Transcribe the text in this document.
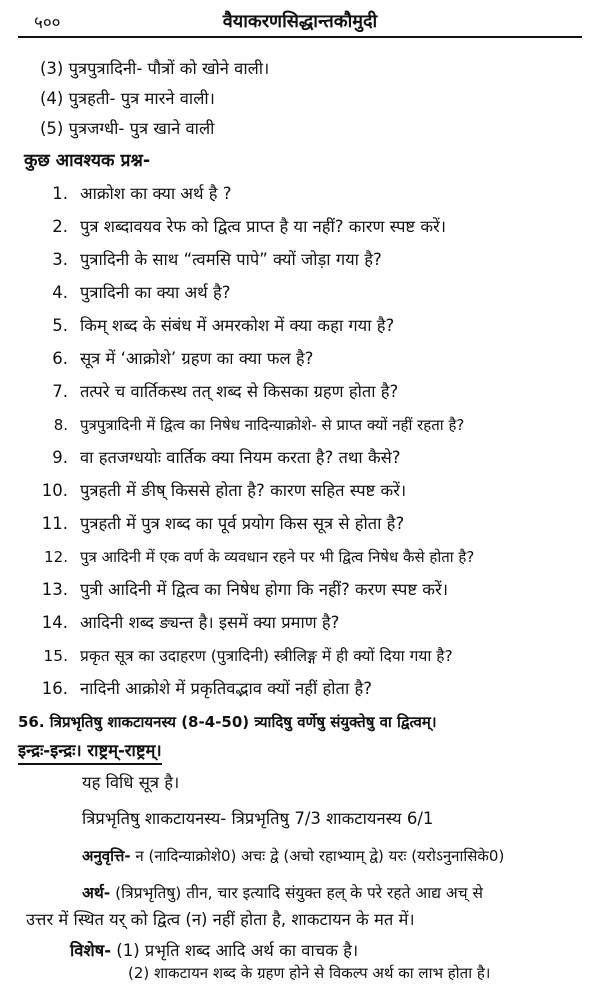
५००	वैयाकरणसिद्धान्तकौमुदी
(3) पुत्रपुत्रादिनी- पौत्रों को खोने वाली।
(4) पुत्रहती- पुत्र मारने वाली।
(5) पुत्रजग्धी- पुत्र खाने वाली
कुछ आवश्यक प्रश्न-
1. आक्रोश का क्या अर्थ है ?
2. पुत्र शब्दावयव रेफ को द्वित्व प्राप्त है या नहीं? कारण स्पष्ट करें।
3. पुत्रादिनी के साथ “त्वमसि पापे” क्यों जोड़ा गया है?
4. पुत्रादिनी का क्या अर्थ है?
5. किम् शब्द के संबंध में अमरकोश में क्या कहा गया है?
6. सूत्र में ‘आक्रोशे’ ग्रहण का क्या फल है?
7. तत्परे च वार्तिकस्थ तत् शब्द से किसका ग्रहण होता है?
8. पुत्रपुत्रादिनी में द्वित्व का निषेध नादिन्याक्रोशे- से प्राप्त क्यों नहीं रहता है?
9. वा हतजग्धयोः वार्तिक क्या नियम करता है? तथा कैसे?
10. पुत्रहती में ङीष् किससे होता है? कारण सहित स्पष्ट करें।
11. पुत्रहती में पुत्र शब्द का पूर्व प्रयोग किस सूत्र से होता है?
12. पुत्र आदिनी में एक वर्ण के व्यवधान रहने पर भी द्वित्व निषेध कैसे होता है?
13. पुत्री आदिनी में द्वित्व का निषेध होगा कि नहीं? करण स्पष्ट करें।
14. आदिनी शब्द ङ्यन्त है। इसमें क्या प्रमाण है?
15. प्रकृत सूत्र का उदाहरण (पुत्रादिनी) स्त्रीलिङ्ग में ही क्यों दिया गया है?
16. नादिनी आक्रोशे में प्रकृतिवद्भाव क्यों नहीं होता है?
56. त्रिप्रभृतिषु शाकटायनस्य (8-4-50) त्र्यादिषु वर्णेषु संयुक्तेषु वा द्वित्वम्।
इन्द्रः-इन्द्रः। राष्ट्रम्-राष्ट्रम्।
यह विधि सूत्र है।
त्रिप्रभृतिषु शाकटायनस्य- त्रिप्रभृतिषु 7/3 शाकटायनस्य 6/1
अनुवृत्ति- न (नादिन्याक्रोशे0) अचः द्वे (अचो रहाभ्याम् द्वे) यरः (यरोऽनुनासिके0)
अर्थ- (त्रिप्रभृतिषु) तीन, चार इत्यादि संयुक्त हल् के परे रहते आद्य अच् से
उत्तर में स्थित यर् को द्वित्व (न) नहीं होता है, शाकटायन के मत में।
विशेष- (1) प्रभृति शब्द आदि अर्थ का वाचक है।
(2) शाकटायन शब्द के ग्रहण होने से विकल्प अर्थ का लाभ होता है।
